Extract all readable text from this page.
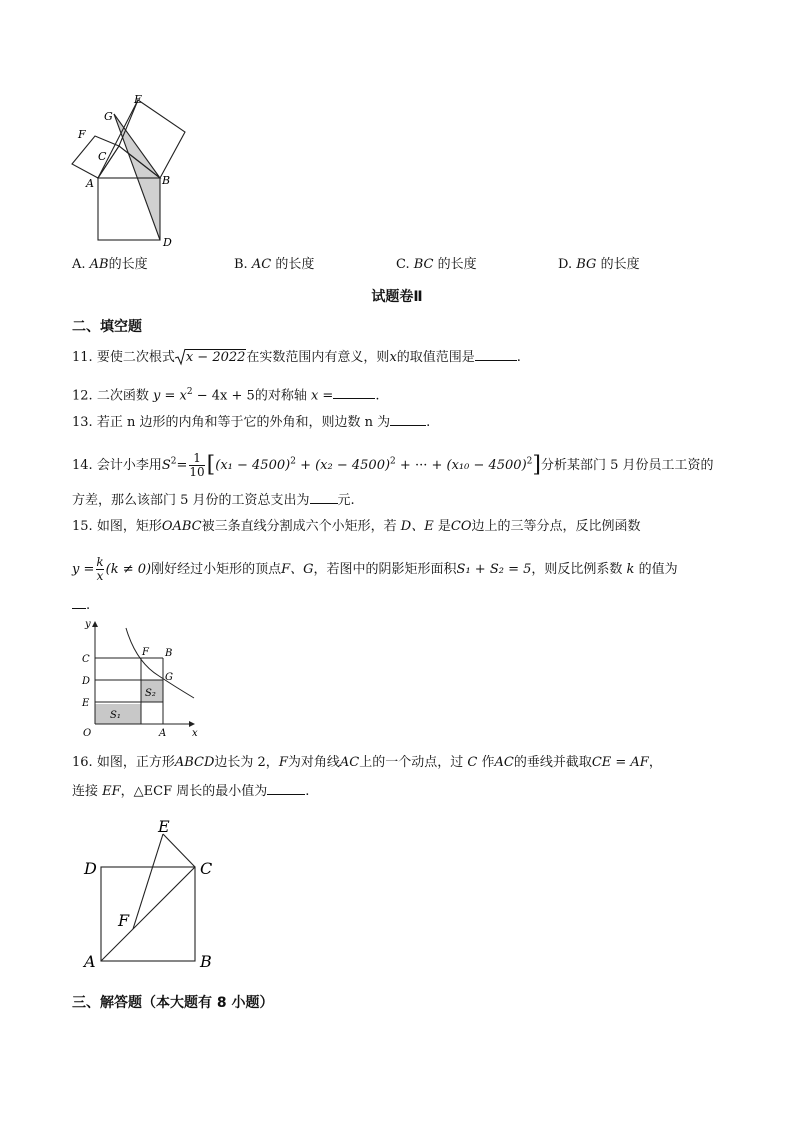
E
G
F
C
A	B
D
A. AB的长度	B. AC 的长度	C. BC 的长度	D. BG 的长度
试题卷Ⅱ
二、填空题
11. 要使二次根式 x − 2022在实数范围内有意义，则x的取值范围是	.
12. 二次函数 $y = x^2 - 4x + 5$的对称轴 x =	.
13. 若正 n 边形的内角和等于它的外角和，则边数 n 为	.
14. 会计小李用$S^2= \frac{1}{10} [(x_1 - 4500)^2 + (x_2 - 4500)^2$ + ··· + $(x_{10} - 4500)^2$]分析某部门 5 月份员工工资的
方差，那么该部门 5 月份的工资总支出为 元.
15. 如图，矩形OABC被三条直线分割成六个小矩形，若 D、E 是CO边上的三等分点，反比例函数
$y = \frac{k}{x} (k \ne 0)$刚好经过小矩形的顶点F、G，若图中的阴影矩形面积S₁ + S₂ = 5，则反比例系数 k 的值为
.
y
x
O	A
B
C
D
E
F
G
S₁
S₂
16. 如图，正方形ABCD边长为 2，F为对角线AC上的一个动点，过 C 作AC的垂线并截取CE = AF，
连接 EF，△ECF 周长的最小值为	.
D	C
A	B
E
F
三、解答题（本大题有 8 小题）
